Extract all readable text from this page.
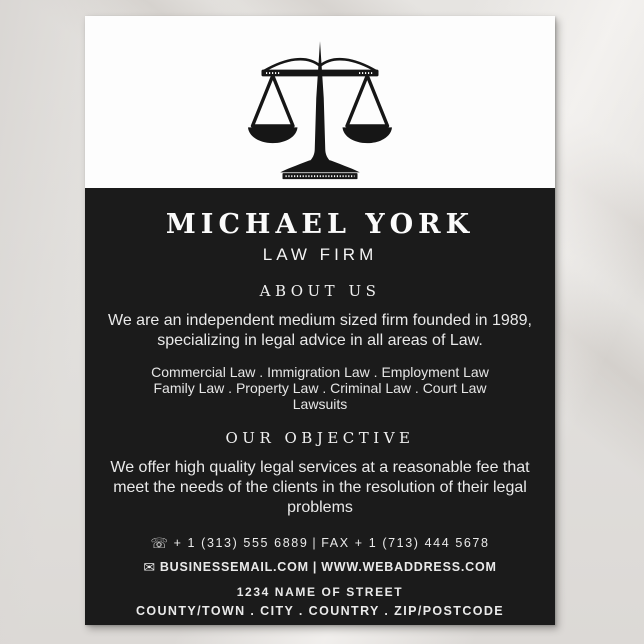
MICHAEL YORK
LAW FIRM
ABOUT US

We are an independent medium sized firm founded in 1989, specializing in legal advice in all areas of Law.

Commercial Law . Immigration Law . Employment Law
Family Law . Property Law . Criminal Law . Court Law
Lawsuits
OUR OBJECTIVE

We offer high quality legal services at a reasonable fee that meet the needs of the clients in the resolution of their legal problems

☏ + 1 (313) 555 6889 | FAX + 1 (713) 444 5678
✉ BUSINESSEMAIL.COM | WWW.WEBADDRESS.COM
1234 NAME OF STREET
COUNTY/TOWN . CITY . COUNTRY . ZIP/POSTCODE
